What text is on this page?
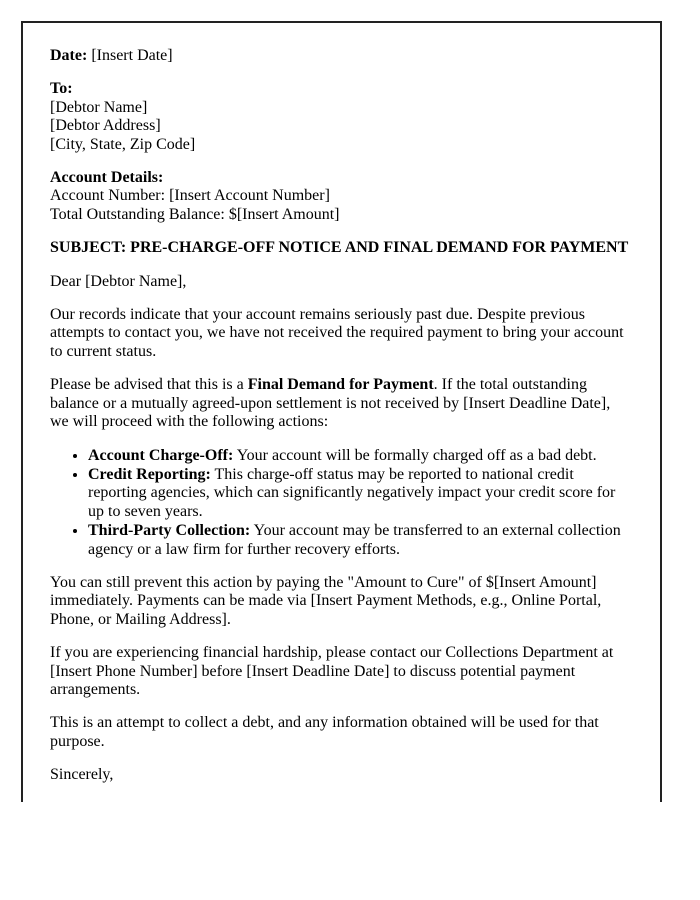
Date: [Insert Date]

To:
[Debtor Name]
[Debtor Address]
[City, State, Zip Code]

Account Details:
Account Number: [Insert Account Number]
Total Outstanding Balance: $[Insert Amount]

SUBJECT: PRE-CHARGE-OFF NOTICE AND FINAL DEMAND FOR PAYMENT

Dear [Debtor Name],

Our records indicate that your account remains seriously past due. Despite previous attempts to contact you, we have not received the required payment to bring your account to current status.

Please be advised that this is a Final Demand for Payment. If the total outstanding balance or a mutually agreed-upon settlement is not received by [Insert Deadline Date], we will proceed with the following actions:

• Account Charge-Off: Your account will be formally charged off as a bad debt.
• Credit Reporting: This charge-off status may be reported to national credit reporting agencies, which can significantly negatively impact your credit score for up to seven years.
• Third-Party Collection: Your account may be transferred to an external collection agency or a law firm for further recovery efforts.

You can still prevent this action by paying the "Amount to Cure" of $[Insert Amount] immediately. Payments can be made via [Insert Payment Methods, e.g., Online Portal, Phone, or Mailing Address].

If you are experiencing financial hardship, please contact our Collections Department at [Insert Phone Number] before [Insert Deadline Date] to discuss potential payment arrangements.

This is an attempt to collect a debt, and any information obtained will be used for that purpose.

Sincerely,
